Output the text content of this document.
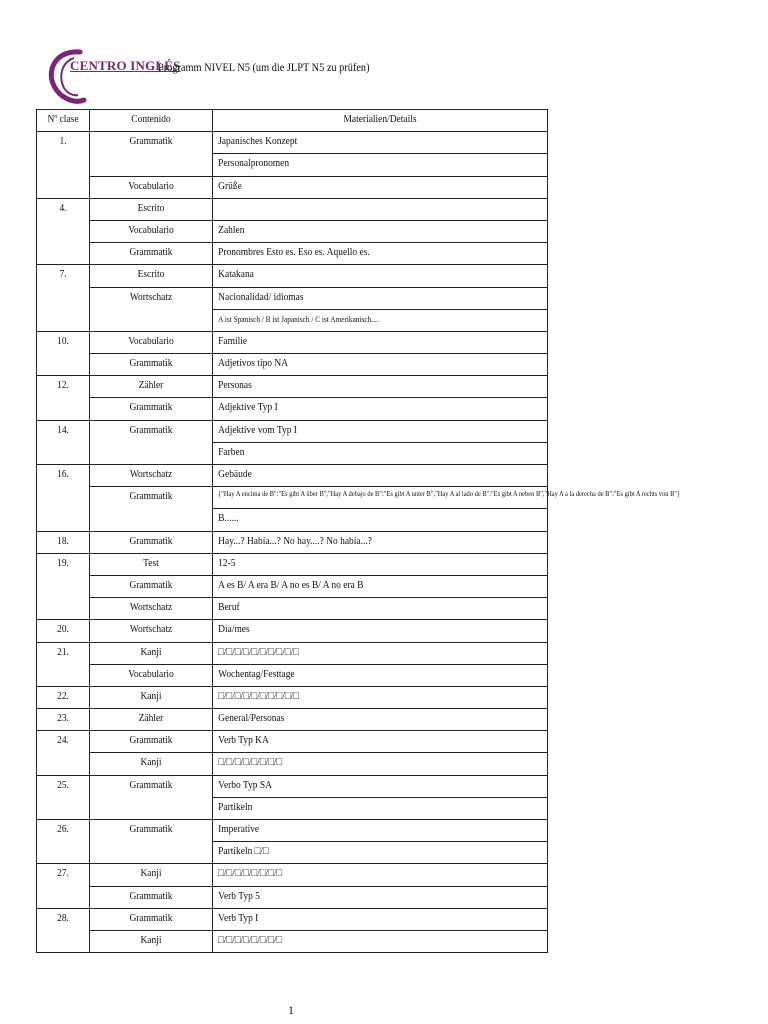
CENTRO INGLÉS
Programm NIVEL N5 (um die JLPT N5 zu prüfen)
Nº clase	Contenido	Materialien/Details

1.	Grammatik	Japanisches Konzept

		Personalpronomen

	Vocabulario	Grüße

4.	Escrito	

	Vocabulario	Zahlen

	Grammatik	Pronombres Esto es. Eso es. Aquello es.

7.	Escrito	Katakana

	Wortschatz	Nacionalidad/ idiomas

		A ist Spanisch / B ist Japanisch / C ist Amerikanisch....

10.	Vocabulario	Familie

	Grammatik	Adjetivos tipo NA

12.	Zähler	Personas

	Grammatik	Adjektive Typ I

14.	Grammatik	Adjektive vom Typ I

		Farben

16.	Wortschatz	Gebäude

	Grammatik	{"Hay A encima de B":"Es gibt A über B","Hay A debajo de B":"Es gibt A unter B","Hay A al lado de B":"Es gibt A neben B","Hay A a la derecha de B":"Es gibt A rechts von B"}

		B......

18.	Grammatik	Hay...? Había...? No hay....? No había...?

19.	Test	12-5

	Grammatik	A es B/ A era B/ A no es B/ A no era B

	Wortschatz	Beruf

20.	Wortschatz	Día/mes

21.	Kanji	□/□/□/□/□/□/□/□/□/□

	Vocabulario	Wochentag/Festtage

22.	Kanji	□/□/□/□/□/□/□/□/□/□

23.	Zähler	General/Personas

24.	Grammatik	Verb Typ KA

	Kanji	□/□/□/□/□/□/□/□

25.	Grammatik	Verbo Typ SA

		Partikeln

26.	Grammatik	Imperative

		Partikeln □/□

27.	Kanji	□/□/□/□/□/□/□/□

	Grammatik	Verb Typ 5

28.	Grammatik	Verb Typ I

	Kanji	□/□/□/□/□/□/□/□
1
